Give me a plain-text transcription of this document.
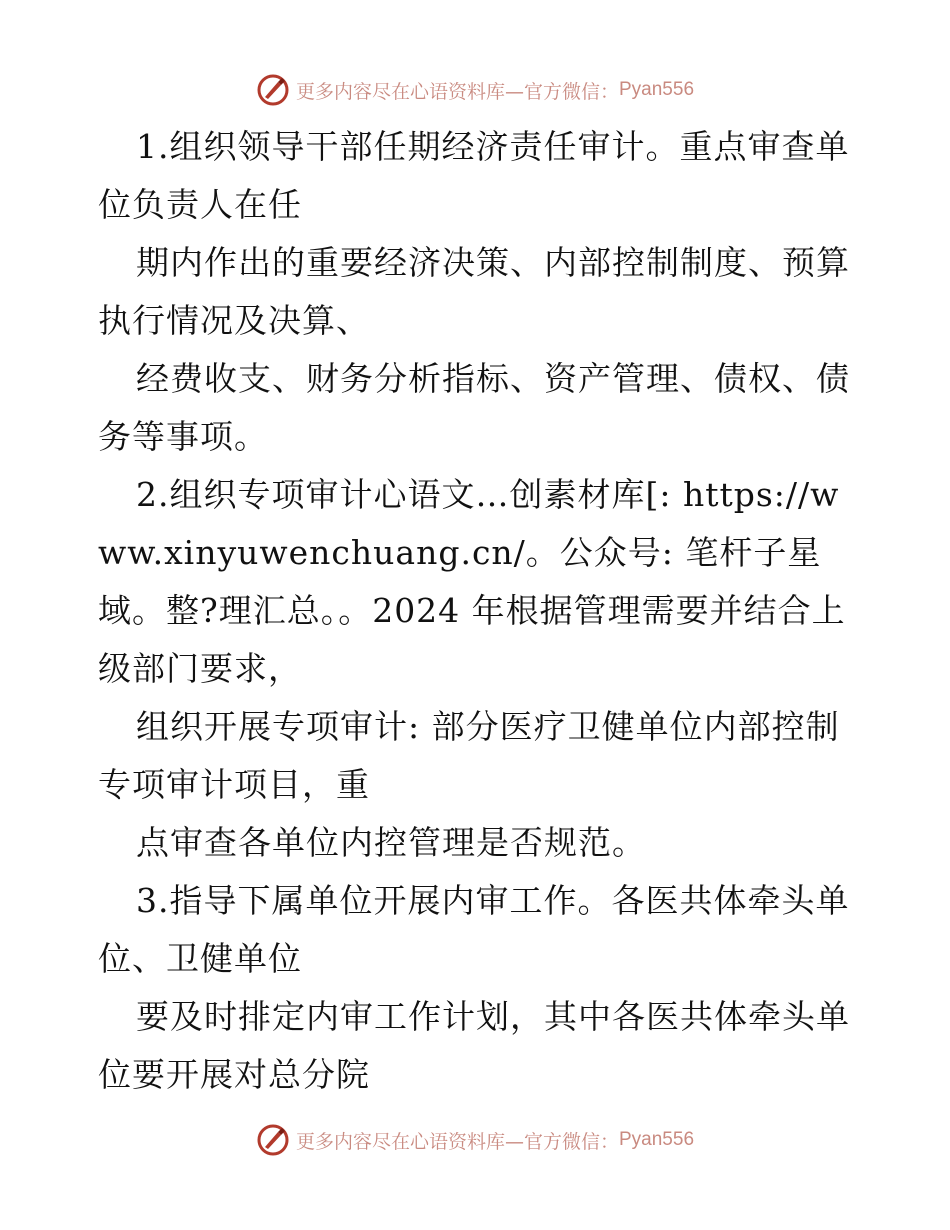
更多内容尽在心语资料库—官方微信： Pyan556

1.组织领导干部任期经济责任审计。重点审查单位负责人在任

期内作出的重要经济决策、内部控制制度、预算执行情况及决算、

经费收支、财务分析指标、资产管理、债权、债务等事项。

2.组织专项审计心语文…创素材库[: https://www.xinyuwenchuang.cn/。公众号: 笔杆子星域。整?理汇总。。2024 年根据管理需要并结合上级部门要求，

组织开展专项审计: 部分医疗卫健单位内部控制专项审计项目，重

点审查各单位内控管理是否规范。

3.指导下属单位开展内审工作。各医共体牵头单位、卫健单位

要及时排定内审工作计划，其中各医共体牵头单位要开展对总分院

更多内容尽在心语资料库—官方微信： Pyan556
